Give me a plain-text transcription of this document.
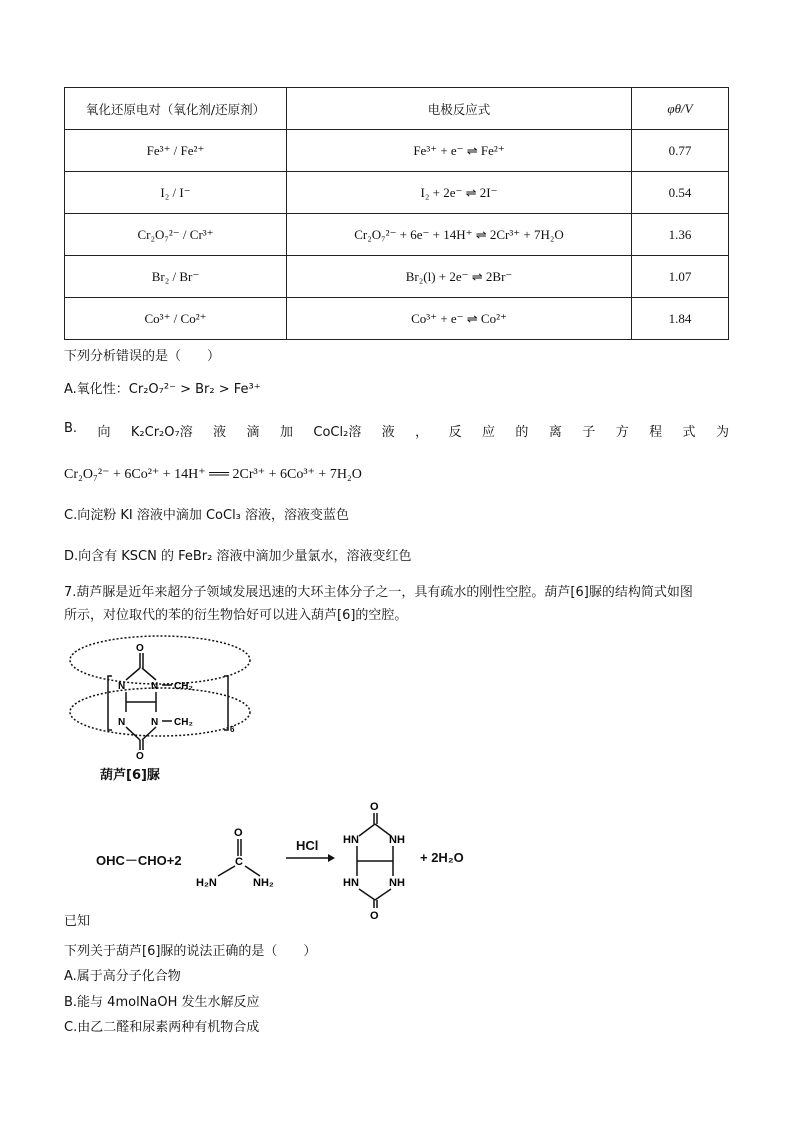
氧化还原电对（氧化剂/还原剂）	电极反应式	φθ/V
Fe³⁺ / Fe²⁺	Fe³⁺ + e⁻ ⇌ Fe²⁺	0.77
I₂ / I⁻	I₂ + 2e⁻ ⇌ 2I⁻	0.54
Cr₂O₇²⁻ / Cr³⁺	Cr₂O₇²⁻ + 6e⁻ + 14H⁺ ⇌ 2Cr³⁺ + 7H₂O	1.36
Br₂ / Br⁻	Br₂(l) + 2e⁻ ⇌ 2Br⁻	1.07
Co³⁺ / Co²⁺	Co³⁺ + e⁻ ⇌ Co²⁺	1.84
下列分析错误的是（　　）
A.氧化性：Cr₂O₇²⁻ > Br₂ > Fe³⁺
B. 向 K₂Cr₂O₇溶 液 滴 加 CoCl₂溶 液 ， 反 应 的 离 子 方 程 式 为
Cr₂O₇²⁻ + 6Co²⁺ + 14H⁺ ══ 2Cr³⁺ + 6Co³⁺ + 7H₂O
C.向淀粉 KI 溶液中滴加 CoCl₃ 溶液，溶液变蓝色
D.向含有 KSCN 的 FeBr₂ 溶液中滴加少量氯水，溶液变红色
7.葫芦脲是近年来超分子领域发展迅速的大环主体分子之一，具有疏水的刚性空腔。葫芦[6]脲的结构简式如图
所示，对位取代的苯的衍生物恰好可以进入葫芦[6]的空腔。
O
N	N CH₂
N	N CH₂
6
O
葫芦[6]脲
OHC－CHO+2
O
C
H₂N	NH₂
HCl
O
HN	NH
HN	NH
O
+ 2H₂O
已知
下列关于葫芦[6]脲的说法正确的是（　　）
A.属于高分子化合物
B.能与 4molNaOH 发生水解反应
C.由乙二醛和尿素两种有机物合成
